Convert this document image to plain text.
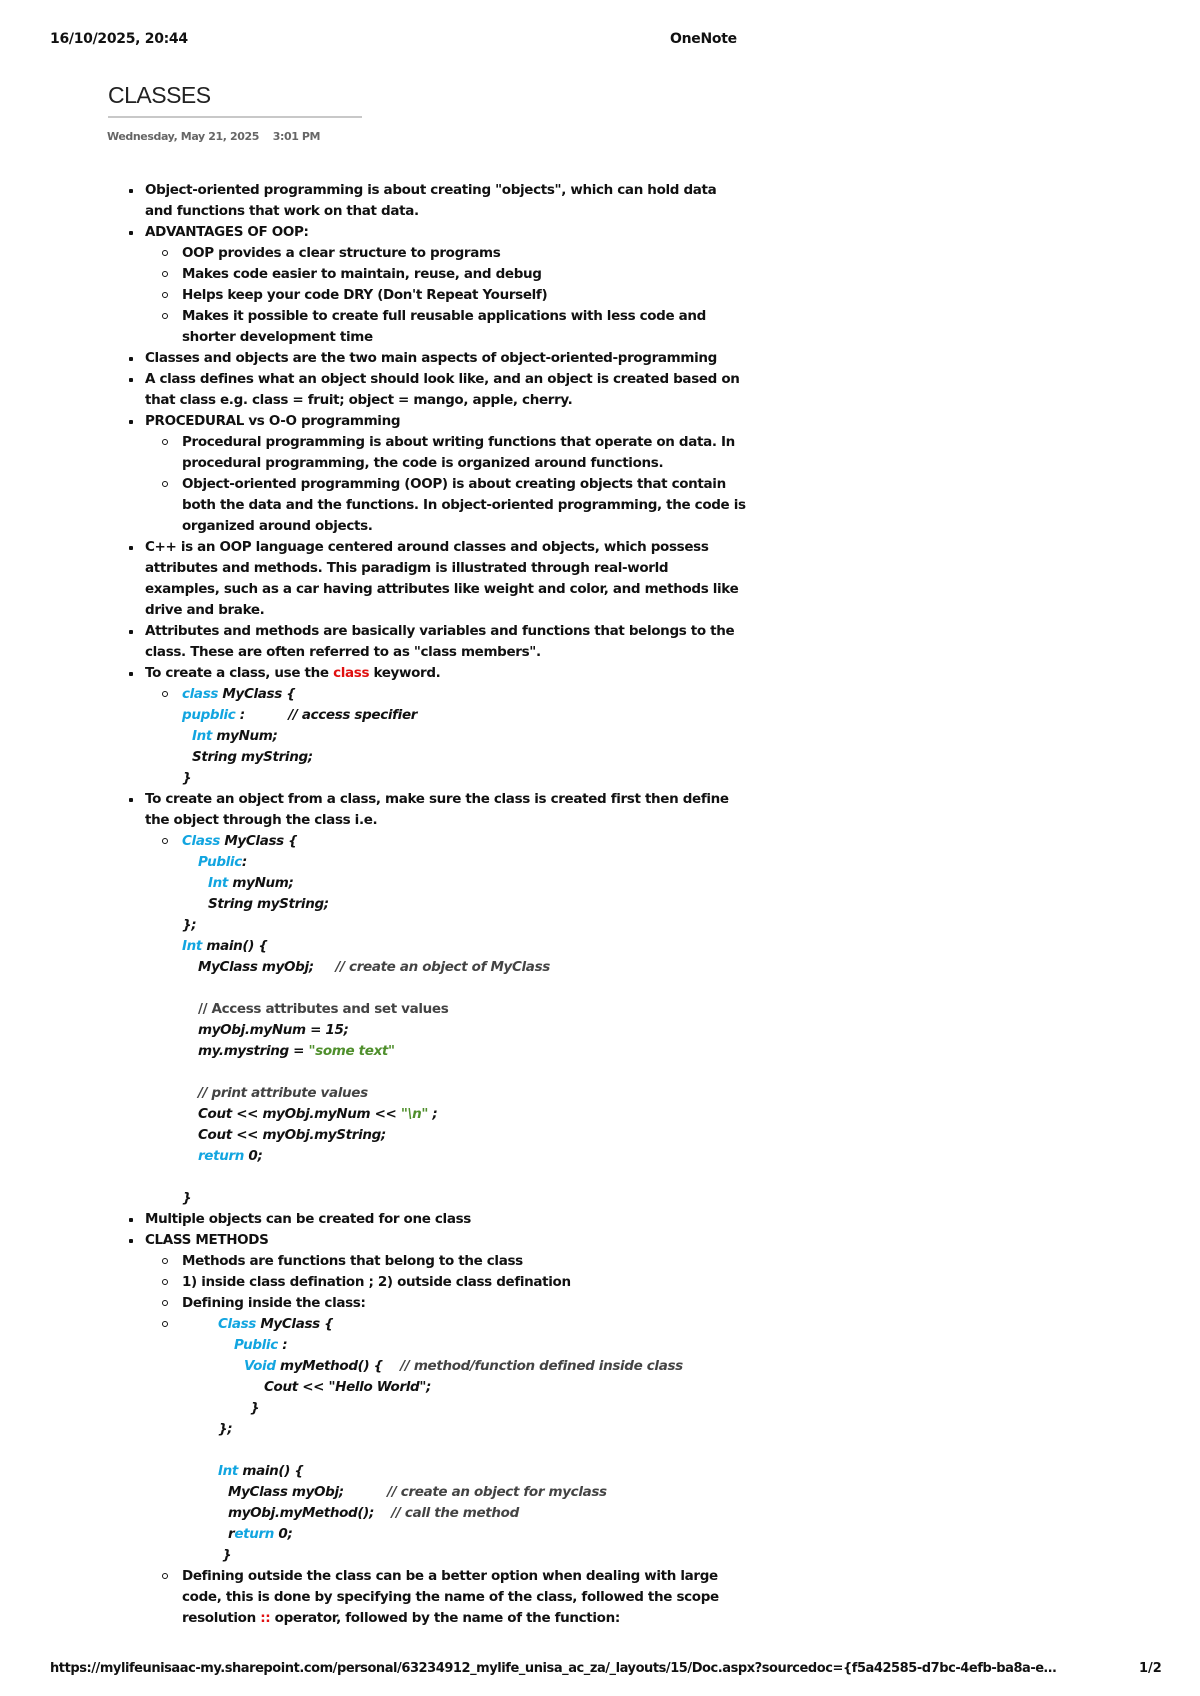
16/10/2025, 20:44	OneNote
CLASSES
Wednesday, May 21, 2025 3:01 PM
Object-oriented programming is about creating "objects", which can hold data and functions that work on that data.
ADVANTAGES OF OOP:
OOP provides a clear structure to programs
Makes code easier to maintain, reuse, and debug
Helps keep your code DRY (Don't Repeat Yourself)
Makes it possible to create full reusable applications with less code and shorter development time
Classes and objects are the two main aspects of object-oriented-programming
A class defines what an object should look like, and an object is created based on that class e.g. class = fruit; object = mango, apple, cherry.
PROCEDURAL vs O-O programming
Procedural programming is about writing functions that operate on data. In procedural programming, the code is organized around functions.
Object-oriented programming (OOP) is about creating objects that contain both the data and the functions. In object-oriented programming, the code is organized around objects.
C++ is an OOP language centered around classes and objects, which possess attributes and methods. This paradigm is illustrated through real-world examples, such as a car having attributes like weight and color, and methods like drive and brake.
Attributes and methods are basically variables and functions that belongs to the class. These are often referred to as "class members".
To create a class, use the class keyword.
class MyClass {
pupblic :          // access specifier
Int myNum;
String myString;
}
To create an object from a class, make sure the class is created first then define the object through the class i.e.
Class MyClass {
Public:
Int myNum;
String myString;
};
Int main() {
MyClass myObj;     // create an object of MyClass
// Access attributes and set values
myObj.myNum = 15;
my.mystring = "some text"
// print attribute values
Cout << myObj.myNum << "\n" ;
Cout << myObj.myString;
return 0;
}
Multiple objects can be created for one class
CLASS METHODS
Methods are functions that belong to the class
1) inside class defination ; 2) outside class defination
Defining inside the class:
Class MyClass {
Public :
Void myMethod() {    // method/function defined inside class
Cout << "Hello World";
}
};
Int main() {
MyClass myObj;          // create an object for myclass
myObj.myMethod();    // call the method
return 0;
}
Defining outside the class can be a better option when dealing with large code, this is done by specifying the name of the class, followed the scope resolution :: operator, followed by the name of the function:
https://mylifeunisaac-my.sharepoint.com/personal/63234912_mylife_unisa_ac_za/_layouts/15/Doc.aspx?sourcedoc={f5a42585-d7bc-4efb-ba8a-e…	1/2
